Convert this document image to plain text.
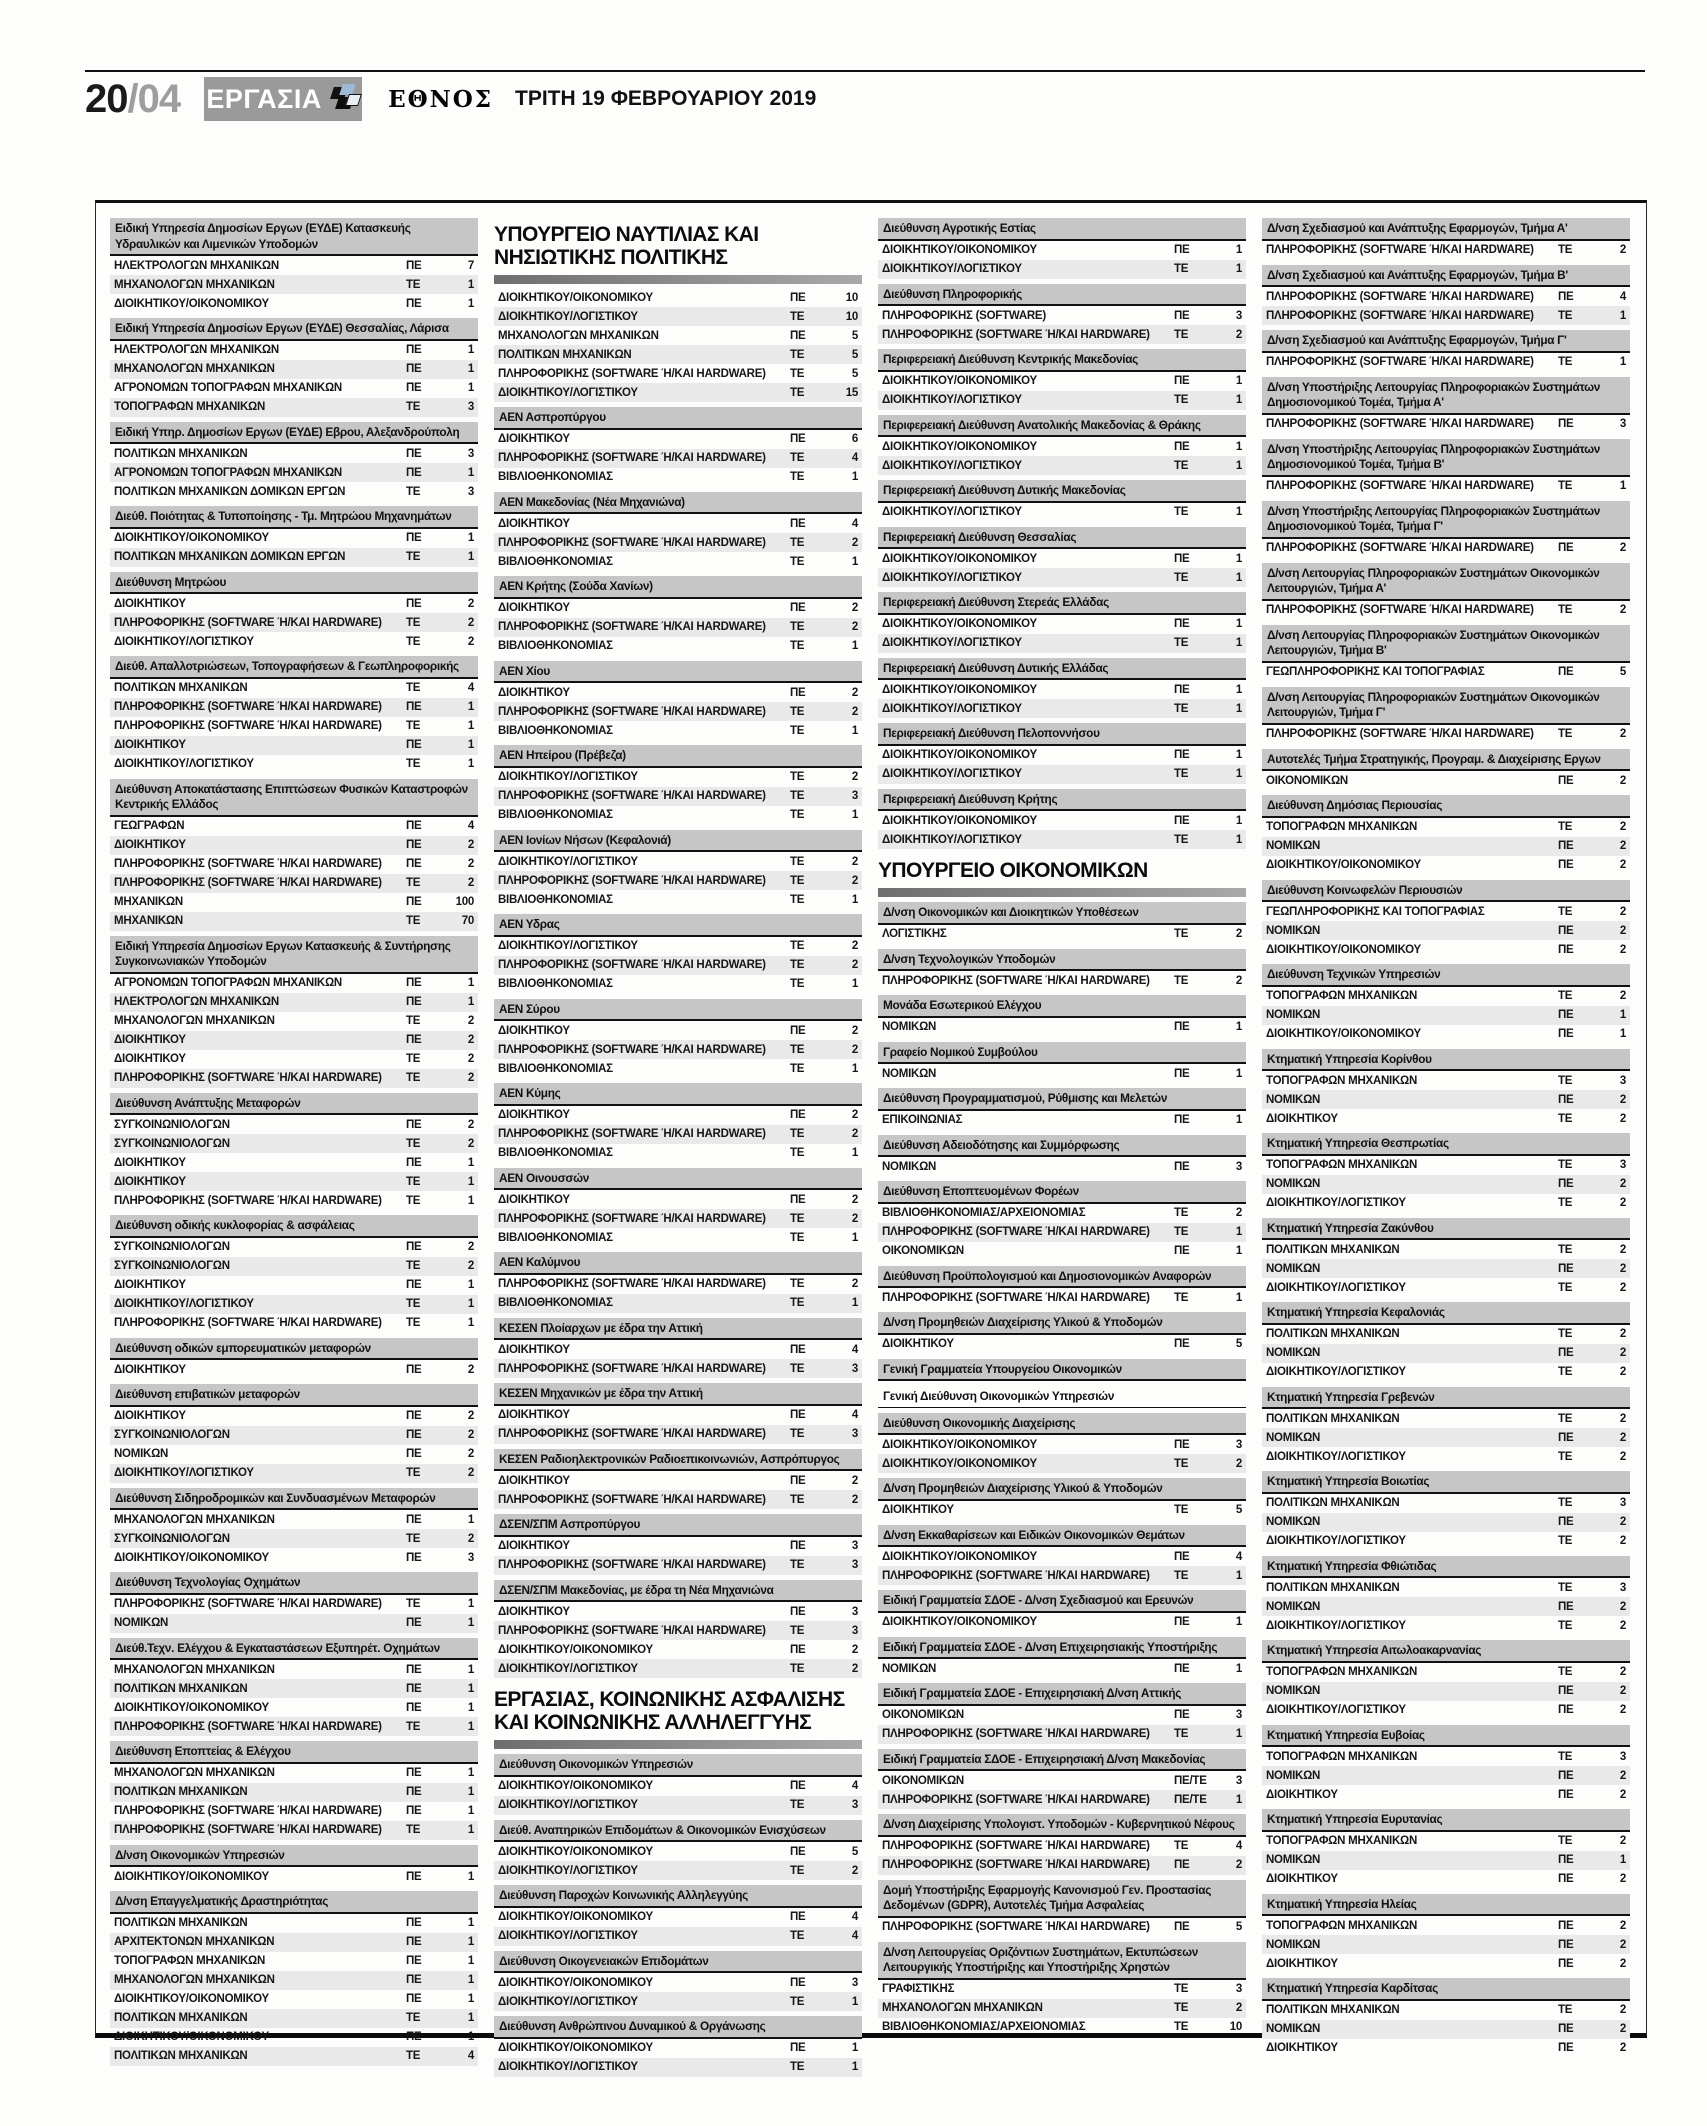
20/04 ΕΡΓΑΣΙΑ	ΕΘΝΟΣ ΤΡΙΤΗ 19 ΦΕΒΡΟΥΑΡΙΟΥ 2019
Ειδική Υπηρεσία Δημοσίων Εργων (ΕΥΔΕ) Κατασκευής Υδραυλικών και Λιμενικών Υποδομών
ΗΛΕΚΤΡΟΛΟΓΩΝ ΜΗΧΑΝΙΚΩΝ	ΠΕ	7
ΜΗΧΑΝΟΛΟΓΩΝ ΜΗΧΑΝΙΚΩΝ	ΤΕ	1
ΔΙΟΙΚΗΤΙΚΟΥ/ΟΙΚΟΝΟΜΙΚΟΥ	ΠΕ	1
Ειδική Υπηρεσία Δημοσίων Εργων (ΕΥΔΕ) Θεσσαλίας, Λάρισα
ΗΛΕΚΤΡΟΛΟΓΩΝ ΜΗΧΑΝΙΚΩΝ	ΠΕ	1
ΜΗΧΑΝΟΛΟΓΩΝ ΜΗΧΑΝΙΚΩΝ	ΠΕ	1
ΑΓΡΟΝΟΜΩΝ ΤΟΠΟΓΡΑΦΩΝ ΜΗΧΑΝΙΚΩΝ	ΠΕ	1
ΤΟΠΟΓΡΑΦΩΝ ΜΗΧΑΝΙΚΩΝ	ΤΕ	3
Ειδική Υπηρ. Δημοσίων Εργων (ΕΥΔΕ) Εβρου, Αλεξανδρούπολη
ΠΟΛΙΤΙΚΩΝ ΜΗΧΑΝΙΚΩΝ	ΠΕ	3
ΑΓΡΟΝΟΜΩΝ ΤΟΠΟΓΡΑΦΩΝ ΜΗΧΑΝΙΚΩΝ	ΠΕ	1
ΠΟΛΙΤΙΚΩΝ ΜΗΧΑΝΙΚΩΝ ΔΟΜΙΚΩΝ ΕΡΓΩΝ	ΤΕ	3
Διεύθ. Ποιότητας & Τυποποίησης - Τμ. Μητρώου Μηχανημάτων
ΔΙΟΙΚΗΤΙΚΟΥ/ΟΙΚΟΝΟΜΙΚΟΥ	ΠΕ	1
ΠΟΛΙΤΙΚΩΝ ΜΗΧΑΝΙΚΩΝ ΔΟΜΙΚΩΝ ΕΡΓΩΝ	ΤΕ	1
Διεύθυνση Μητρώου
ΔΙΟΙΚΗΤΙΚΟΥ	ΠΕ	2
ΠΛΗΡΟΦΟΡΙΚΗΣ (SOFTWARE Ή/ΚΑΙ HARDWARE)	ΤΕ	2
ΔΙΟΙΚΗΤΙΚΟΥ/ΛΟΓΙΣΤΙΚΟΥ	ΤΕ	2
Διεύθ. Απαλλοτριώσεων, Τοπογραφήσεων & Γεωπληροφορικής
ΠΟΛΙΤΙΚΩΝ ΜΗΧΑΝΙΚΩΝ	ΤΕ	4
ΠΛΗΡΟΦΟΡΙΚΗΣ (SOFTWARE Ή/ΚΑΙ HARDWARE)	ΠΕ	1
ΠΛΗΡΟΦΟΡΙΚΗΣ (SOFTWARE Ή/ΚΑΙ HARDWARE)	ΤΕ	1
ΔΙΟΙΚΗΤΙΚΟΥ	ΠΕ	1
ΔΙΟΙΚΗΤΙΚΟΥ/ΛΟΓΙΣΤΙΚΟΥ	ΤΕ	1
Διεύθυνση Αποκατάστασης Επιπτώσεων Φυσικών Καταστροφών Κεντρικής Ελλάδος
ΓΕΩΓΡΑΦΩΝ	ΠΕ	4
ΔΙΟΙΚΗΤΙΚΟΥ	ΠΕ	2
ΠΛΗΡΟΦΟΡΙΚΗΣ (SOFTWARE Ή/ΚΑΙ HARDWARE)	ΠΕ	2
ΠΛΗΡΟΦΟΡΙΚΗΣ (SOFTWARE Ή/ΚΑΙ HARDWARE)	ΤΕ	2
ΜΗΧΑΝΙΚΩΝ	ΠΕ	100
ΜΗΧΑΝΙΚΩΝ	ΤΕ	70
Ειδική Υπηρεσία Δημοσίων Εργων Κατασκευής & Συντήρησης Συγκοινωνιακών Υποδομών
ΑΓΡΟΝΟΜΩΝ ΤΟΠΟΓΡΑΦΩΝ ΜΗΧΑΝΙΚΩΝ	ΠΕ	1
ΗΛΕΚΤΡΟΛΟΓΩΝ ΜΗΧΑΝΙΚΩΝ	ΠΕ	1
ΜΗΧΑΝΟΛΟΓΩΝ ΜΗΧΑΝΙΚΩΝ	ΤΕ	2
ΔΙΟΙΚΗΤΙΚΟΥ	ΠΕ	2
ΔΙΟΙΚΗΤΙΚΟΥ	ΤΕ	2
ΠΛΗΡΟΦΟΡΙΚΗΣ (SOFTWARE Ή/ΚΑΙ HARDWARE)	ΤΕ	2
Διεύθυνση Ανάπτυξης Μεταφορών
ΣΥΓΚΟΙΝΩΝΙΟΛΟΓΩΝ	ΠΕ	2
ΣΥΓΚΟΙΝΩΝΙΟΛΟΓΩΝ	ΤΕ	2
ΔΙΟΙΚΗΤΙΚΟΥ	ΠΕ	1
ΔΙΟΙΚΗΤΙΚΟΥ	ΤΕ	1
ΠΛΗΡΟΦΟΡΙΚΗΣ (SOFTWARE Ή/ΚΑΙ HARDWARE)	ΤΕ	1
Διεύθυνση οδικής κυκλοφορίας & ασφάλειας
ΣΥΓΚΟΙΝΩΝΙΟΛΟΓΩΝ	ΠΕ	2
ΣΥΓΚΟΙΝΩΝΙΟΛΟΓΩΝ	ΤΕ	2
ΔΙΟΙΚΗΤΙΚΟΥ	ΠΕ	1
ΔΙΟΙΚΗΤΙΚΟΥ/ΛΟΓΙΣΤΙΚΟΥ	ΤΕ	1
ΠΛΗΡΟΦΟΡΙΚΗΣ (SOFTWARE Ή/ΚΑΙ HARDWARE)	ΤΕ	1
Διεύθυνση οδικών εμπορευματικών μεταφορών
ΔΙΟΙΚΗΤΙΚΟΥ	ΠΕ	2
Διεύθυνση επιβατικών μεταφορών
ΔΙΟΙΚΗΤΙΚΟΥ	ΠΕ	2
ΣΥΓΚΟΙΝΩΝΙΟΛΟΓΩΝ	ΠΕ	2
ΝΟΜΙΚΩΝ	ΠΕ	2
ΔΙΟΙΚΗΤΙΚΟΥ/ΛΟΓΙΣΤΙΚΟΥ	ΤΕ	2
Διεύθυνση Σιδηροδρομικών και Συνδυασμένων Μεταφορών
ΜΗΧΑΝΟΛΟΓΩΝ ΜΗΧΑΝΙΚΩΝ	ΠΕ	1
ΣΥΓΚΟΙΝΩΝΙΟΛΟΓΩΝ	ΤΕ	2
ΔΙΟΙΚΗΤΙΚΟΥ/ΟΙΚΟΝΟΜΙΚΟΥ	ΠΕ	3
Διεύθυνση Τεχνολογίας Οχημάτων
ΠΛΗΡΟΦΟΡΙΚΗΣ (SOFTWARE Ή/ΚΑΙ HARDWARE)	ΤΕ	1
ΝΟΜΙΚΩΝ	ΠΕ	1
Διεύθ.Τεχν. Ελέγχου & Εγκαταστάσεων Εξυπηρέτ. Οχημάτων
ΜΗΧΑΝΟΛΟΓΩΝ ΜΗΧΑΝΙΚΩΝ	ΠΕ	1
ΠΟΛΙΤΙΚΩΝ ΜΗΧΑΝΙΚΩΝ	ΠΕ	1
ΔΙΟΙΚΗΤΙΚΟΥ/ΟΙΚΟΝΟΜΙΚΟΥ	ΠΕ	1
ΠΛΗΡΟΦΟΡΙΚΗΣ (SOFTWARE Ή/ΚΑΙ HARDWARE)	ΤΕ	1
Διεύθυνση Εποπτείας & Ελέγχου
ΜΗΧΑΝΟΛΟΓΩΝ ΜΗΧΑΝΙΚΩΝ	ΠΕ	1
ΠΟΛΙΤΙΚΩΝ ΜΗΧΑΝΙΚΩΝ	ΠΕ	1
ΠΛΗΡΟΦΟΡΙΚΗΣ (SOFTWARE Ή/ΚΑΙ HARDWARE)	ΠΕ	1
ΠΛΗΡΟΦΟΡΙΚΗΣ (SOFTWARE Ή/ΚΑΙ HARDWARE)	ΤΕ	1
Δ/νση Οικονομικών Υπηρεσιών
ΔΙΟΙΚΗΤΙΚΟΥ/ΟΙΚΟΝΟΜΙΚΟΥ	ΠΕ	1
Δ/νση Επαγγελματικής Δραστηριότητας
ΠΟΛΙΤΙΚΩΝ ΜΗΧΑΝΙΚΩΝ	ΠΕ	1
ΑΡΧΙΤΕΚΤΟΝΩΝ ΜΗΧΑΝΙΚΩΝ	ΠΕ	1
ΤΟΠΟΓΡΑΦΩΝ ΜΗΧΑΝΙΚΩΝ	ΠΕ	1
ΜΗΧΑΝΟΛΟΓΩΝ ΜΗΧΑΝΙΚΩΝ	ΠΕ	1
ΔΙΟΙΚΗΤΙΚΟΥ/ΟΙΚΟΝΟΜΙΚΟΥ	ΠΕ	1
ΠΟΛΙΤΙΚΩΝ ΜΗΧΑΝΙΚΩΝ	ΤΕ	1
ΔΙΟΙΚΗΤΙΚΟΥ/ΟΙΚΟΝΟΜΙΚΟΥ	ΠΕ	1
ΠΟΛΙΤΙΚΩΝ ΜΗΧΑΝΙΚΩΝ	ΤΕ	4
ΥΠΟΥΡΓΕΙΟ ΝΑΥΤΙΛΙΑΣ ΚΑΙ ΝΗΣΙΩΤΙΚΗΣ ΠΟΛΙΤΙΚΗΣ
ΔΙΟΙΚΗΤΙΚΟΥ/ΟΙΚΟΝΟΜΙΚΟΥ	ΠΕ	10
ΔΙΟΙΚΗΤΙΚΟΥ/ΛΟΓΙΣΤΙΚΟΥ	ΤΕ	10
ΜΗΧΑΝΟΛΟΓΩΝ ΜΗΧΑΝΙΚΩΝ	ΠΕ	5
ΠΟΛΙΤΙΚΩΝ ΜΗΧΑΝΙΚΩΝ	ΤΕ	5
ΠΛΗΡΟΦΟΡΙΚΗΣ (SOFTWARE Ή/ΚΑΙ HARDWARE)	ΤΕ	5
ΔΙΟΙΚΗΤΙΚΟΥ/ΛΟΓΙΣΤΙΚΟΥ	ΤΕ	15
ΑΕΝ Ασπροπύργου
ΔΙΟΙΚΗΤΙΚΟΥ	ΠΕ	6
ΠΛΗΡΟΦΟΡΙΚΗΣ (SOFTWARE Ή/ΚΑΙ HARDWARE)	ΤΕ	4
ΒΙΒΛΙΟΘΗΚΟΝΟΜΙΑΣ	ΤΕ	1
ΑΕΝ Μακεδονίας (Νέα Μηχανιώνα)
ΔΙΟΙΚΗΤΙΚΟΥ	ΠΕ	4
ΠΛΗΡΟΦΟΡΙΚΗΣ (SOFTWARE Ή/ΚΑΙ HARDWARE)	ΤΕ	2
ΒΙΒΛΙΟΘΗΚΟΝΟΜΙΑΣ	ΤΕ	1
ΑΕΝ Κρήτης (Σούδα Χανίων)
ΔΙΟΙΚΗΤΙΚΟΥ	ΠΕ	2
ΠΛΗΡΟΦΟΡΙΚΗΣ (SOFTWARE Ή/ΚΑΙ HARDWARE)	ΤΕ	2
ΒΙΒΛΙΟΘΗΚΟΝΟΜΙΑΣ	ΤΕ	1
ΑΕΝ Χίου
ΔΙΟΙΚΗΤΙΚΟΥ	ΠΕ	2
ΠΛΗΡΟΦΟΡΙΚΗΣ (SOFTWARE Ή/ΚΑΙ HARDWARE)	ΤΕ	2
ΒΙΒΛΙΟΘΗΚΟΝΟΜΙΑΣ	ΤΕ	1
ΑΕΝ Ηπείρου (Πρέβεζα)
ΔΙΟΙΚΗΤΙΚΟΥ/ΛΟΓΙΣΤΙΚΟΥ	ΤΕ	2
ΠΛΗΡΟΦΟΡΙΚΗΣ (SOFTWARE Ή/ΚΑΙ HARDWARE)	ΤΕ	3
ΒΙΒΛΙΟΘΗΚΟΝΟΜΙΑΣ	ΤΕ	1
ΑΕΝ Ιονίων Νήσων (Κεφαλονιά)
ΔΙΟΙΚΗΤΙΚΟΥ/ΛΟΓΙΣΤΙΚΟΥ	ΤΕ	2
ΠΛΗΡΟΦΟΡΙΚΗΣ (SOFTWARE Ή/ΚΑΙ HARDWARE)	ΤΕ	2
ΒΙΒΛΙΟΘΗΚΟΝΟΜΙΑΣ	ΤΕ	1
ΑΕΝ Υδρας
ΔΙΟΙΚΗΤΙΚΟΥ/ΛΟΓΙΣΤΙΚΟΥ	ΤΕ	2
ΠΛΗΡΟΦΟΡΙΚΗΣ (SOFTWARE Ή/ΚΑΙ HARDWARE)	ΤΕ	2
ΒΙΒΛΙΟΘΗΚΟΝΟΜΙΑΣ	ΤΕ	1
ΑΕΝ Σύρου
ΔΙΟΙΚΗΤΙΚΟΥ	ΠΕ	2
ΠΛΗΡΟΦΟΡΙΚΗΣ (SOFTWARE Ή/ΚΑΙ HARDWARE)	ΤΕ	2
ΒΙΒΛΙΟΘΗΚΟΝΟΜΙΑΣ	ΤΕ	1
ΑΕΝ Κύμης
ΔΙΟΙΚΗΤΙΚΟΥ	ΠΕ	2
ΠΛΗΡΟΦΟΡΙΚΗΣ (SOFTWARE Ή/ΚΑΙ HARDWARE)	ΤΕ	2
ΒΙΒΛΙΟΘΗΚΟΝΟΜΙΑΣ	ΤΕ	1
ΑΕΝ Οινουσσών
ΔΙΟΙΚΗΤΙΚΟΥ	ΠΕ	2
ΠΛΗΡΟΦΟΡΙΚΗΣ (SOFTWARE Ή/ΚΑΙ HARDWARE)	ΤΕ	2
ΒΙΒΛΙΟΘΗΚΟΝΟΜΙΑΣ	ΤΕ	1
ΑΕΝ Καλύμνου
ΠΛΗΡΟΦΟΡΙΚΗΣ (SOFTWARE Ή/ΚΑΙ HARDWARE)	ΤΕ	2
ΒΙΒΛΙΟΘΗΚΟΝΟΜΙΑΣ	ΤΕ	1
ΚΕΣΕΝ Πλοίαρχων με έδρα την Αττική
ΔΙΟΙΚΗΤΙΚΟΥ	ΠΕ	4
ΠΛΗΡΟΦΟΡΙΚΗΣ (SOFTWARE Ή/ΚΑΙ HARDWARE)	ΤΕ	3
ΚΕΣΕΝ Μηχανικών με έδρα την Αττική
ΔΙΟΙΚΗΤΙΚΟΥ	ΠΕ	4
ΠΛΗΡΟΦΟΡΙΚΗΣ (SOFTWARE Ή/ΚΑΙ HARDWARE)	ΤΕ	3
ΚΕΣΕΝ Ραδιοηλεκτρονικών Ραδιοεπικοινωνιών, Ασπρόπυργος
ΔΙΟΙΚΗΤΙΚΟΥ	ΠΕ	2
ΠΛΗΡΟΦΟΡΙΚΗΣ (SOFTWARE Ή/ΚΑΙ HARDWARE)	ΤΕ	2
ΔΣΕΝ/ΣΠΜ Ασπροπύργου
ΔΙΟΙΚΗΤΙΚΟΥ	ΠΕ	3
ΠΛΗΡΟΦΟΡΙΚΗΣ (SOFTWARE Ή/ΚΑΙ HARDWARE)	ΤΕ	3
ΔΣΕΝ/ΣΠΜ Μακεδονίας, με έδρα τη Νέα Μηχανιώνα
ΔΙΟΙΚΗΤΙΚΟΥ	ΠΕ	3
ΠΛΗΡΟΦΟΡΙΚΗΣ (SOFTWARE Ή/ΚΑΙ HARDWARE)	ΤΕ	3
ΔΙΟΙΚΗΤΙΚΟΥ/ΟΙΚΟΝΟΜΙΚΟΥ	ΠΕ	2
ΔΙΟΙΚΗΤΙΚΟΥ/ΛΟΓΙΣΤΙΚΟΥ	ΤΕ	2
ΕΡΓΑΣΙΑΣ, ΚΟΙΝΩΝΙΚΗΣ ΑΣΦΑΛΙΣΗΣ ΚΑΙ ΚΟΙΝΩΝΙΚΗΣ ΑΛΛΗΛΕΓΓΥΗΣ
Διεύθυνση Οικονομικών Υπηρεσιών
ΔΙΟΙΚΗΤΙΚΟΥ/ΟΙΚΟΝΟΜΙΚΟΥ	ΠΕ	4
ΔΙΟΙΚΗΤΙΚΟΥ/ΛΟΓΙΣΤΙΚΟΥ	ΤΕ	3
Διεύθ. Αναπηρικών Επιδομάτων & Οικονομικών Ενισχύσεων
ΔΙΟΙΚΗΤΙΚΟΥ/ΟΙΚΟΝΟΜΙΚΟΥ	ΠΕ	5
ΔΙΟΙΚΗΤΙΚΟΥ/ΛΟΓΙΣΤΙΚΟΥ	ΤΕ	2
Διεύθυνση Παροχών Κοινωνικής Αλληλεγγύης
ΔΙΟΙΚΗΤΙΚΟΥ/ΟΙΚΟΝΟΜΙΚΟΥ	ΠΕ	4
ΔΙΟΙΚΗΤΙΚΟΥ/ΛΟΓΙΣΤΙΚΟΥ	ΤΕ	4
Διεύθυνση Οικογενειακών Επιδομάτων
ΔΙΟΙΚΗΤΙΚΟΥ/ΟΙΚΟΝΟΜΙΚΟΥ	ΠΕ	3
ΔΙΟΙΚΗΤΙΚΟΥ/ΛΟΓΙΣΤΙΚΟΥ	ΤΕ	1
Διεύθυνση Ανθρώπινου Δυναμικού & Οργάνωσης
ΔΙΟΙΚΗΤΙΚΟΥ/ΟΙΚΟΝΟΜΙΚΟΥ	ΠΕ	1
ΔΙΟΙΚΗΤΙΚΟΥ/ΛΟΓΙΣΤΙΚΟΥ	ΤΕ	1
Διεύθυνση Αγροτικής Εστίας
ΔΙΟΙΚΗΤΙΚΟΥ/ΟΙΚΟΝΟΜΙΚΟΥ	ΠΕ	1
ΔΙΟΙΚΗΤΙΚΟΥ/ΛΟΓΙΣΤΙΚΟΥ	ΤΕ	1
Διεύθυνση Πληροφορικής
ΠΛΗΡΟΦΟΡΙΚΗΣ (SOFTWARE)	ΠΕ	3
ΠΛΗΡΟΦΟΡΙΚΗΣ (SOFTWARE Ή/ΚΑΙ HARDWARE)	ΤΕ	2
Περιφερειακή Διεύθυνση Κεντρικής Μακεδονίας
ΔΙΟΙΚΗΤΙΚΟΥ/ΟΙΚΟΝΟΜΙΚΟΥ	ΠΕ	1
ΔΙΟΙΚΗΤΙΚΟΥ/ΛΟΓΙΣΤΙΚΟΥ	ΤΕ	1
Περιφερειακή Διεύθυνση Ανατολικής Μακεδονίας & Θράκης
ΔΙΟΙΚΗΤΙΚΟΥ/ΟΙΚΟΝΟΜΙΚΟΥ	ΠΕ	1
ΔΙΟΙΚΗΤΙΚΟΥ/ΛΟΓΙΣΤΙΚΟΥ	ΤΕ	1
Περιφερειακή Διεύθυνση Δυτικής Μακεδονίας
ΔΙΟΙΚΗΤΙΚΟΥ/ΛΟΓΙΣΤΙΚΟΥ	ΤΕ	1
Περιφερειακή Διεύθυνση Θεσσαλίας
ΔΙΟΙΚΗΤΙΚΟΥ/ΟΙΚΟΝΟΜΙΚΟΥ	ΠΕ	1
ΔΙΟΙΚΗΤΙΚΟΥ/ΛΟΓΙΣΤΙΚΟΥ	ΤΕ	1
Περιφερειακή Διεύθυνση Στερεάς Ελλάδας
ΔΙΟΙΚΗΤΙΚΟΥ/ΟΙΚΟΝΟΜΙΚΟΥ	ΠΕ	1
ΔΙΟΙΚΗΤΙΚΟΥ/ΛΟΓΙΣΤΙΚΟΥ	ΤΕ	1
Περιφερειακή Διεύθυνση Δυτικής Ελλάδας
ΔΙΟΙΚΗΤΙΚΟΥ/ΟΙΚΟΝΟΜΙΚΟΥ	ΠΕ	1
ΔΙΟΙΚΗΤΙΚΟΥ/ΛΟΓΙΣΤΙΚΟΥ	ΤΕ	1
Περιφερειακή Διεύθυνση Πελοποννήσου
ΔΙΟΙΚΗΤΙΚΟΥ/ΟΙΚΟΝΟΜΙΚΟΥ	ΠΕ	1
ΔΙΟΙΚΗΤΙΚΟΥ/ΛΟΓΙΣΤΙΚΟΥ	ΤΕ	1
Περιφερειακή Διεύθυνση Κρήτης
ΔΙΟΙΚΗΤΙΚΟΥ/ΟΙΚΟΝΟΜΙΚΟΥ	ΠΕ	1
ΔΙΟΙΚΗΤΙΚΟΥ/ΛΟΓΙΣΤΙΚΟΥ	ΤΕ	1
ΥΠΟΥΡΓΕΙΟ ΟΙΚΟΝΟΜΙΚΩΝ
Δ/νση Οικονομικών και Διοικητικών Υποθέσεων
ΛΟΓΙΣΤΙΚΗΣ	ΤΕ	2
Δ/νση Τεχνολογικών Υποδομών
ΠΛΗΡΟΦΟΡΙΚΗΣ (SOFTWARE Ή/ΚΑΙ HARDWARE)	ΤΕ	2
Μονάδα Εσωτερικού Ελέγχου
ΝΟΜΙΚΩΝ	ΠΕ	1
Γραφείο Νομικού Συμβούλου
ΝΟΜΙΚΩΝ	ΠΕ	1
Διεύθυνση Προγραμματισμού, Ρύθμισης και Μελετών
ΕΠΙΚΟΙΝΩΝΙΑΣ	ΠΕ	1
Διεύθυνση Αδειοδότησης και Συμμόρφωσης
ΝΟΜΙΚΩΝ	ΠΕ	3
Διεύθυνση Εποπτευομένων Φορέων
ΒΙΒΛΙΟΘΗΚΟΝΟΜΙΑΣ/ΑΡΧΕΙΟΝΟΜΙΑΣ	ΤΕ	2
ΠΛΗΡΟΦΟΡΙΚΗΣ (SOFTWARE Ή/ΚΑΙ HARDWARE)	ΤΕ	1
ΟΙΚΟΝΟΜΙΚΩΝ	ΠΕ	1
Διεύθυνση Προϋπολογισμού και Δημοσιονομικών Αναφορών
ΠΛΗΡΟΦΟΡΙΚΗΣ (SOFTWARE Ή/ΚΑΙ HARDWARE)	ΤΕ	1
Δ/νση Προμηθειών Διαχείρισης Υλικού & Υποδομών
ΔΙΟΙΚΗΤΙΚΟΥ	ΠΕ	5
Γενική Γραμματεία Υπουργείου Οικονομικών
Γενική Διεύθυνση Οικονομικών Υπηρεσιών
Διεύθυνση Οικονομικής Διαχείρισης
ΔΙΟΙΚΗΤΙΚΟΥ/ΟΙΚΟΝΟΜΙΚΟΥ	ΠΕ	3
ΔΙΟΙΚΗΤΙΚΟΥ/ΟΙΚΟΝΟΜΙΚΟΥ	ΤΕ	2
Δ/νση Προμηθειών Διαχείρισης Υλικού & Υποδομών
ΔΙΟΙΚΗΤΙΚΟΥ	ΤΕ	5
Δ/νση Εκκαθαρίσεων και Ειδικών Οικονομικών Θεμάτων
ΔΙΟΙΚΗΤΙΚΟΥ/ΟΙΚΟΝΟΜΙΚΟΥ	ΠΕ	4
ΠΛΗΡΟΦΟΡΙΚΗΣ (SOFTWARE Ή/ΚΑΙ HARDWARE)	ΤΕ	1
Ειδική Γραμματεία ΣΔΟΕ - Δ/νση Σχεδιασμού και Ερευνών
ΔΙΟΙΚΗΤΙΚΟΥ/ΟΙΚΟΝΟΜΙΚΟΥ	ΠΕ	1
Ειδική Γραμματεία ΣΔΟΕ - Δ/νση Επιχειρησιακής Υποστήριξης
ΝΟΜΙΚΩΝ	ΠΕ	1
Ειδική Γραμματεία ΣΔΟΕ - Επιχειρησιακή Δ/νση Αττικής
ΟΙΚΟΝΟΜΙΚΩΝ	ΠΕ	3
ΠΛΗΡΟΦΟΡΙΚΗΣ (SOFTWARE Ή/ΚΑΙ HARDWARE)	ΤΕ	1
Ειδική Γραμματεία ΣΔΟΕ - Επιχειρησιακή Δ/νση Μακεδονίας
ΟΙΚΟΝΟΜΙΚΩΝ	ΠΕ/ΤΕ	3
ΠΛΗΡΟΦΟΡΙΚΗΣ (SOFTWARE Ή/ΚΑΙ HARDWARE)	ΠΕ/ΤΕ	1
Δ/νση Διαχείρισης Υπολογιστ. Υποδομών - Κυβερνητικού Νέφους
ΠΛΗΡΟΦΟΡΙΚΗΣ (SOFTWARE Ή/ΚΑΙ HARDWARE)	ΤΕ	4
ΠΛΗΡΟΦΟΡΙΚΗΣ (SOFTWARE Ή/ΚΑΙ HARDWARE)	ΠΕ	2
Δομή Υποστήριξης Εφαρμογής Κανονισμού Γεν. Προστασίας Δεδομένων (GDPR), Αυτοτελές Τμήμα Ασφαλείας
ΠΛΗΡΟΦΟΡΙΚΗΣ (SOFTWARE Ή/ΚΑΙ HARDWARE)	ΠΕ	5
Δ/νση Λειτουργείας Οριζόντιων Συστημάτων, Εκτυπώσεων Λειτουργικής Υποστήριξης και Υποστήριξης Χρηστών
ΓΡΑΦΙΣΤΙΚΗΣ	ΤΕ	3
ΜΗΧΑΝΟΛΟΓΩΝ ΜΗΧΑΝΙΚΩΝ	ΤΕ	2
ΒΙΒΛΙΟΘΗΚΟΝΟΜΙΑΣ/ΑΡΧΕΙΟΝΟΜΙΑΣ	ΤΕ	10
Δ/νση Σχεδιασμού και Ανάπτυξης Εφαρμογών, Τμήμα Α'
ΠΛΗΡΟΦΟΡΙΚΗΣ (SOFTWARE Ή/ΚΑΙ HARDWARE)	ΤΕ	2
Δ/νση Σχεδιασμού και Ανάπτυξης Εφαρμογών, Τμήμα Β'
ΠΛΗΡΟΦΟΡΙΚΗΣ (SOFTWARE Ή/ΚΑΙ HARDWARE)	ΠΕ	4
ΠΛΗΡΟΦΟΡΙΚΗΣ (SOFTWARE Ή/ΚΑΙ HARDWARE)	ΤΕ	1
Δ/νση Σχεδιασμού και Ανάπτυξης Εφαρμογών, Τμήμα Γ'
ΠΛΗΡΟΦΟΡΙΚΗΣ (SOFTWARE Ή/ΚΑΙ HARDWARE)	ΤΕ	1
Δ/νση Υποστήριξης Λειτουργίας Πληροφοριακών Συστημάτων Δημοσιονομικού Τομέα, Τμήμα Α'
ΠΛΗΡΟΦΟΡΙΚΗΣ (SOFTWARE Ή/ΚΑΙ HARDWARE)	ΠΕ	3
Δ/νση Υποστήριξης Λειτουργίας Πληροφοριακών Συστημάτων Δημοσιονομικού Τομέα, Τμήμα Β'
ΠΛΗΡΟΦΟΡΙΚΗΣ (SOFTWARE Ή/ΚΑΙ HARDWARE)	ΤΕ	1
Δ/νση Υποστήριξης Λειτουργίας Πληροφοριακών Συστημάτων Δημοσιονομικού Τομέα, Τμήμα Γ'
ΠΛΗΡΟΦΟΡΙΚΗΣ (SOFTWARE Ή/ΚΑΙ HARDWARE)	ΠΕ	2
Δ/νση Λειτουργίας Πληροφοριακών Συστημάτων Οικονομικών Λειτουργιών, Τμήμα Α'
ΠΛΗΡΟΦΟΡΙΚΗΣ (SOFTWARE Ή/ΚΑΙ HARDWARE)	ΤΕ	2
Δ/νση Λειτουργίας Πληροφοριακών Συστημάτων Οικονομικών Λειτουργιών, Τμήμα Β'
ΓΕΩΠΛΗΡΟΦΟΡΙΚΗΣ ΚΑΙ ΤΟΠΟΓΡΑΦΙΑΣ	ΠΕ	5
Δ/νση Λειτουργίας Πληροφοριακών Συστημάτων Οικονομικών Λειτουργιών, Τμήμα Γ'
ΠΛΗΡΟΦΟΡΙΚΗΣ (SOFTWARE Ή/ΚΑΙ HARDWARE)	ΤΕ	2
Αυτοτελές Τμήμα Στρατηγικής, Προγραμ. & Διαχείρισης Εργων
ΟΙΚΟΝΟΜΙΚΩΝ	ΠΕ	2
Διεύθυνση Δημόσιας Περιουσίας
ΤΟΠΟΓΡΑΦΩΝ ΜΗΧΑΝΙΚΩΝ	ΤΕ	2
ΝΟΜΙΚΩΝ	ΠΕ	2
ΔΙΟΙΚΗΤΙΚΟΥ/ΟΙΚΟΝΟΜΙΚΟΥ	ΠΕ	2
Διεύθυνση Κοινωφελών Περιουσιών
ΓΕΩΠΛΗΡΟΦΟΡΙΚΗΣ ΚΑΙ ΤΟΠΟΓΡΑΦΙΑΣ	ΤΕ	2
ΝΟΜΙΚΩΝ	ΠΕ	2
ΔΙΟΙΚΗΤΙΚΟΥ/ΟΙΚΟΝΟΜΙΚΟΥ	ΠΕ	2
Διεύθυνση Τεχνικών Υπηρεσιών
ΤΟΠΟΓΡΑΦΩΝ ΜΗΧΑΝΙΚΩΝ	ΤΕ	2
ΝΟΜΙΚΩΝ	ΠΕ	1
ΔΙΟΙΚΗΤΙΚΟΥ/ΟΙΚΟΝΟΜΙΚΟΥ	ΠΕ	1
Κτηματική Υπηρεσία Κορίνθου
ΤΟΠΟΓΡΑΦΩΝ ΜΗΧΑΝΙΚΩΝ	ΤΕ	3
ΝΟΜΙΚΩΝ	ΠΕ	2
ΔΙΟΙΚΗΤΙΚΟΥ	ΤΕ	2
Κτηματική Υπηρεσία Θεσπρωτίας
ΤΟΠΟΓΡΑΦΩΝ ΜΗΧΑΝΙΚΩΝ	ΤΕ	3
ΝΟΜΙΚΩΝ	ΠΕ	2
ΔΙΟΙΚΗΤΙΚΟΥ/ΛΟΓΙΣΤΙΚΟΥ	ΤΕ	2
Κτηματική Υπηρεσία Ζακύνθου
ΠΟΛΙΤΙΚΩΝ ΜΗΧΑΝΙΚΩΝ	ΤΕ	2
ΝΟΜΙΚΩΝ	ΠΕ	2
ΔΙΟΙΚΗΤΙΚΟΥ/ΛΟΓΙΣΤΙΚΟΥ	ΤΕ	2
Κτηματική Υπηρεσία Κεφαλονιάς
ΠΟΛΙΤΙΚΩΝ ΜΗΧΑΝΙΚΩΝ	ΤΕ	2
ΝΟΜΙΚΩΝ	ΠΕ	2
ΔΙΟΙΚΗΤΙΚΟΥ/ΛΟΓΙΣΤΙΚΟΥ	ΤΕ	2
Κτηματική Υπηρεσία Γρεβενών
ΠΟΛΙΤΙΚΩΝ ΜΗΧΑΝΙΚΩΝ	ΤΕ	2
ΝΟΜΙΚΩΝ	ΠΕ	2
ΔΙΟΙΚΗΤΙΚΟΥ/ΛΟΓΙΣΤΙΚΟΥ	ΤΕ	2
Κτηματική Υπηρεσία Βοιωτίας
ΠΟΛΙΤΙΚΩΝ ΜΗΧΑΝΙΚΩΝ	ΤΕ	3
ΝΟΜΙΚΩΝ	ΠΕ	2
ΔΙΟΙΚΗΤΙΚΟΥ/ΛΟΓΙΣΤΙΚΟΥ	ΤΕ	2
Κτηματική Υπηρεσία Φθιώτιδας
ΠΟΛΙΤΙΚΩΝ ΜΗΧΑΝΙΚΩΝ	ΤΕ	3
ΝΟΜΙΚΩΝ	ΠΕ	2
ΔΙΟΙΚΗΤΙΚΟΥ/ΛΟΓΙΣΤΙΚΟΥ	ΤΕ	2
Κτηματική Υπηρεσία Αιτωλοακαρνανίας
ΤΟΠΟΓΡΑΦΩΝ ΜΗΧΑΝΙΚΩΝ	ΤΕ	2
ΝΟΜΙΚΩΝ	ΠΕ	2
ΔΙΟΙΚΗΤΙΚΟΥ/ΛΟΓΙΣΤΙΚΟΥ	ΠΕ	2
Κτηματική Υπηρεσία Ευβοίας
ΤΟΠΟΓΡΑΦΩΝ ΜΗΧΑΝΙΚΩΝ	ΤΕ	3
ΝΟΜΙΚΩΝ	ΠΕ	2
ΔΙΟΙΚΗΤΙΚΟΥ	ΠΕ	2
Κτηματική Υπηρεσία Ευρυτανίας
ΤΟΠΟΓΡΑΦΩΝ ΜΗΧΑΝΙΚΩΝ	ΤΕ	2
ΝΟΜΙΚΩΝ	ΠΕ	1
ΔΙΟΙΚΗΤΙΚΟΥ	ΠΕ	2
Κτηματική Υπηρεσία Ηλείας
ΤΟΠΟΓΡΑΦΩΝ ΜΗΧΑΝΙΚΩΝ	ΠΕ	2
ΝΟΜΙΚΩΝ	ΠΕ	2
ΔΙΟΙΚΗΤΙΚΟΥ	ΠΕ	2
Κτηματική Υπηρεσία Καρδίτσας
ΠΟΛΙΤΙΚΩΝ ΜΗΧΑΝΙΚΩΝ	ΤΕ	2
ΝΟΜΙΚΩΝ	ΠΕ	2
ΔΙΟΙΚΗΤΙΚΟΥ	ΠΕ	2
